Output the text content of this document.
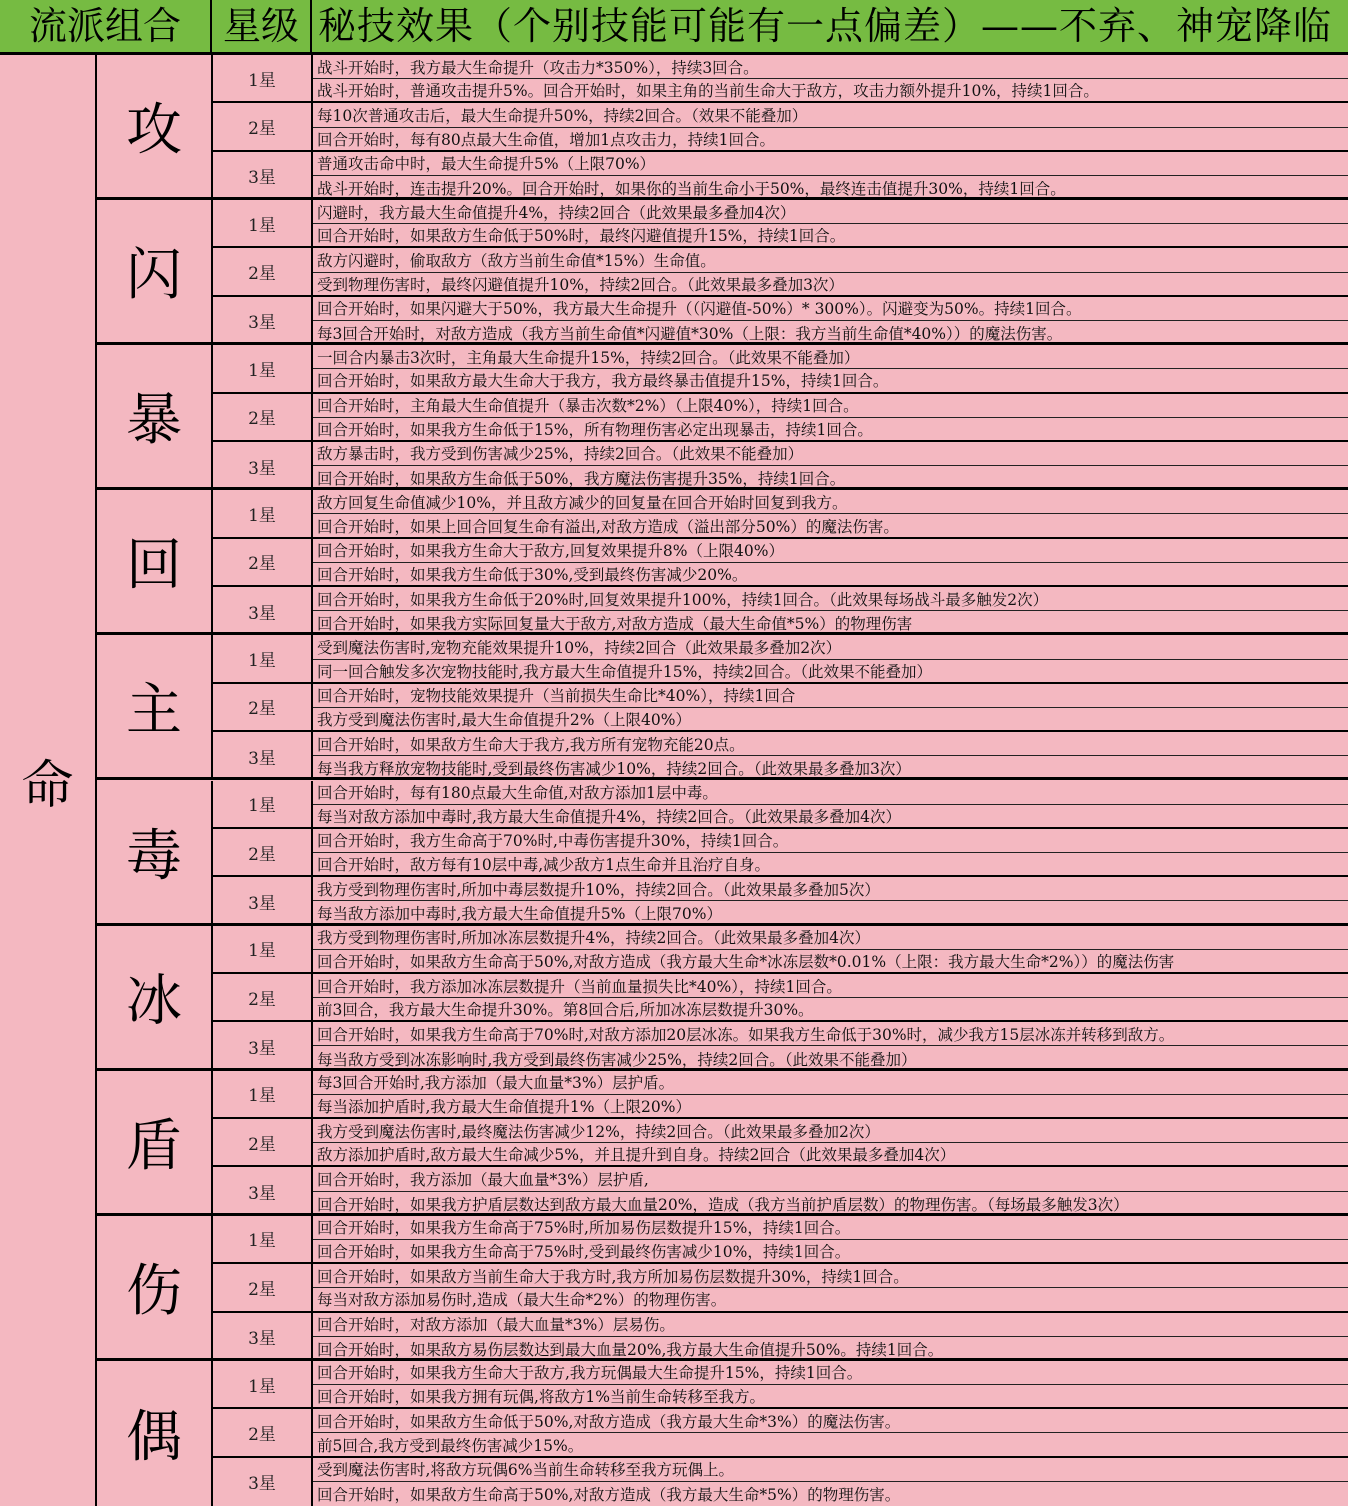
流派组合	星级 秘技效果（个别技能可能有一点偏差）——不弃、神宠降临
命
攻
1星
战斗开始时，我方最大生命提升（攻击力*350%），持续3回合。
战斗开始时，普通攻击提升5%。回合开始时，如果主角的当前生命大于敌方，攻击力额外提升10%，持续1回合。
2星
每10次普通攻击后，最大生命提升50%，持续2回合。（效果不能叠加）
回合开始时，每有80点最大生命值，增加1点攻击力，持续1回合。
3星
普通攻击命中时，最大生命提升5%（上限70%）
战斗开始时，连击提升20%。回合开始时，如果你的当前生命小于50%，最终连击值提升30%，持续1回合。
闪
1星
闪避时，我方最大生命值提升4%，持续2回合（此效果最多叠加4次）
回合开始时，如果敌方生命低于50%时，最终闪避值提升15%，持续1回合。
2星
敌方闪避时，偷取敌方（敌方当前生命值*15%）生命值。
受到物理伤害时，最终闪避值提升10%，持续2回合。（此效果最多叠加3次）
3星
回合开始时，如果闪避大于50%，我方最大生命提升（（闪避值-50%）* 300%）。闪避变为50%。持续1回合。
每3回合开始时，对敌方造成（我方当前生命值*闪避值*30%（上限：我方当前生命值*40%））的魔法伤害。
暴
1星
一回合内暴击3次时，主角最大生命提升15%，持续2回合。（此效果不能叠加）
回合开始时，如果敌方最大生命大于我方，我方最终暴击值提升15%，持续1回合。
2星
回合开始时，主角最大生命值提升（暴击次数*2%）（上限40%），持续1回合。
回合开始时，如果我方生命低于15%，所有物理伤害必定出现暴击，持续1回合。
3星
敌方暴击时，我方受到伤害减少25%，持续2回合。（此效果不能叠加）
回合开始时，如果敌方生命低于50%，我方魔法伤害提升35%，持续1回合。
回
1星
敌方回复生命值减少10%，并且敌方减少的回复量在回合开始时回复到我方。
回合开始时，如果上回合回复生命有溢出,对敌方造成（溢出部分50%）的魔法伤害。
2星
回合开始时，如果我方生命大于敌方,回复效果提升8%（上限40%）
回合开始时，如果我方生命低于30%,受到最终伤害减少20%。
3星
回合开始时，如果我方生命低于20%时,回复效果提升100%，持续1回合。（此效果每场战斗最多触发2次）
回合开始时，如果我方实际回复量大于敌方,对敌方造成（最大生命值*5%）的物理伤害
主
1星
受到魔法伤害时,宠物充能效果提升10%，持续2回合（此效果最多叠加2次）
同一回合触发多次宠物技能时,我方最大生命值提升15%，持续2回合。（此效果不能叠加）
2星
回合开始时，宠物技能效果提升（当前损失生命比*40%），持续1回合
我方受到魔法伤害时,最大生命值提升2%（上限40%）
3星
回合开始时，如果敌方生命大于我方,我方所有宠物充能20点。
每当我方释放宠物技能时,受到最终伤害减少10%，持续2回合。（此效果最多叠加3次）
毒
1星
回合开始时，每有180点最大生命值,对敌方添加1层中毒。
每当对敌方添加中毒时,我方最大生命值提升4%，持续2回合。（此效果最多叠加4次）
2星
回合开始时，我方生命高于70%时,中毒伤害提升30%，持续1回合。
回合开始时，敌方每有10层中毒,减少敌方1点生命并且治疗自身。
3星
我方受到物理伤害时,所加中毒层数提升10%，持续2回合。（此效果最多叠加5次）
每当敌方添加中毒时,我方最大生命值提升5%（上限70%）
冰
1星
我方受到物理伤害时,所加冰冻层数提升4%，持续2回合。（此效果最多叠加4次）
回合开始时，如果敌方生命高于50%,对敌方造成（我方最大生命*冰冻层数*0.01%（上限：我方最大生命*2%））的魔法伤害
2星
回合开始时，我方添加冰冻层数提升（当前血量损失比*40%），持续1回合。
前3回合，我方最大生命提升30%。第8回合后,所加冰冻层数提升30%。
3星
回合开始时，如果我方生命高于70%时,对敌方添加20层冰冻。如果我方生命低于30%时，减少我方15层冰冻并转移到敌方。
每当敌方受到冰冻影响时,我方受到最终伤害减少25%，持续2回合。（此效果不能叠加）
盾
1星
每3回合开始时,我方添加（最大血量*3%）层护盾。
每当添加护盾时,我方最大生命值提升1%（上限20%）
2星
我方受到魔法伤害时,最终魔法伤害减少12%，持续2回合。（此效果最多叠加2次）
敌方添加护盾时,敌方最大生命减少5%，并且提升到自身。持续2回合（此效果最多叠加4次）
3星
回合开始时，我方添加（最大血量*3%）层护盾,
回合开始时，如果我方护盾层数达到敌方最大血量20%，造成（我方当前护盾层数）的物理伤害。（每场最多触发3次）
伤
1星
回合开始时，如果我方生命高于75%时,所加易伤层数提升15%，持续1回合。
回合开始时，如果我方生命高于75%时,受到最终伤害减少10%，持续1回合。
2星
回合开始时，如果敌方当前生命大于我方时,我方所加易伤层数提升30%，持续1回合。
每当对敌方添加易伤时,造成（最大生命*2%）的物理伤害。
3星
回合开始时，对敌方添加（最大血量*3%）层易伤。
回合开始时，如果敌方易伤层数达到最大血量20%,我方最大生命值提升50%。持续1回合。
偶
1星
回合开始时，如果我方生命大于敌方,我方玩偶最大生命提升15%，持续1回合。
回合开始时，如果我方拥有玩偶,将敌方1%当前生命转移至我方。
2星
回合开始时，如果敌方生命低于50%,对敌方造成（我方最大生命*3%）的魔法伤害。
前5回合,我方受到最终伤害减少15%。
3星
受到魔法伤害时,将敌方玩偶6%当前生命转移至我方玩偶上。
回合开始时，如果敌方生命高于50%,对敌方造成（我方最大生命*5%）的物理伤害。
